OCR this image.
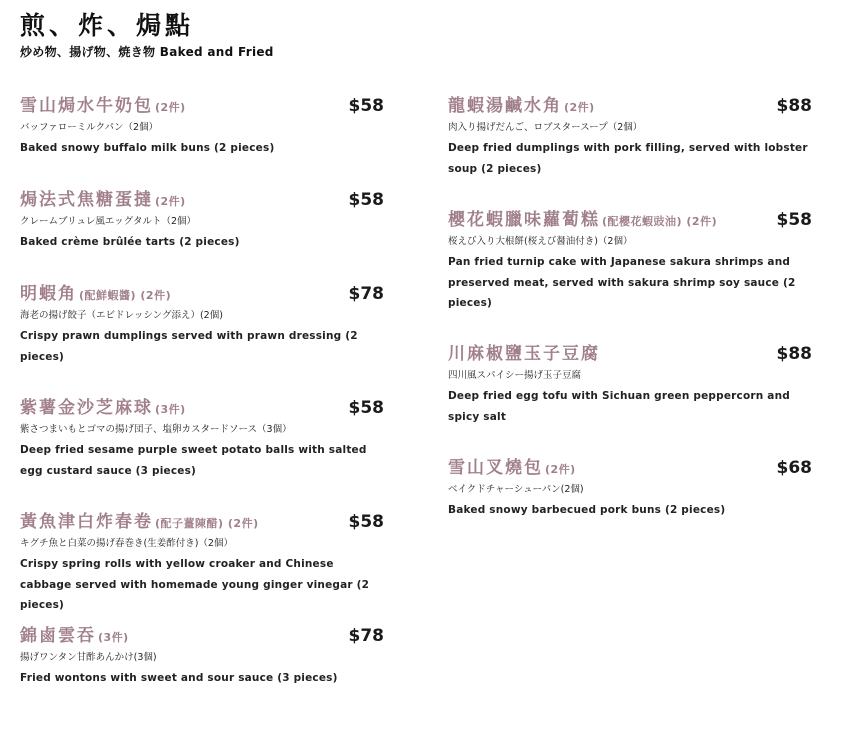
煎、炸、焗點
炒め物、揚げ物、焼き物 Baked and Fried
雪山焗水牛奶包 (2件)	$58
バッファローミルクパン（2個）
Baked snowy buffalo milk buns (2 pieces)
焗法式焦糖蛋撻 (2件)	$58
クレームブリュレ風エッグタルト（2個）
Baked crème brûlée tarts (2 pieces)
明蝦角 (配鮮蝦醬) (2件)	$78
海老の揚げ餃子（エビドレッシング添え）(2個)
Crispy prawn dumplings served with prawn dressing (2 pieces)
紫薯金沙芝麻球 (3件)	$58
紫さつまいもとゴマの揚げ団子、塩卵カスタードソース（3個）
Deep fried sesame purple sweet potato balls with salted egg custard sauce (3 pieces)
黃魚津白炸春卷 (配子薑陳醋) (2件)	$58
キグチ魚と白菜の揚げ春巻き(生姜酢付き)（2個）
Crispy spring rolls with yellow croaker and Chinese cabbage served with homemade young ginger vinegar (2 pieces)
錦鹵雲吞 (3件)	$78
揚げワンタン甘酢あんかけ(3個)
Fried wontons with sweet and sour sauce (3 pieces)
龍蝦湯鹹水角 (2件)	$88
肉入り揚げだんご、ロブスタースープ（2個）
Deep fried dumplings with pork filling, served with lobster soup (2 pieces)
櫻花蝦臘味蘿蔔糕 (配櫻花蝦豉油) (2件)	$58
桜えび入り大根餅(桜えび醤油付き)（2個）
Pan fried turnip cake with Japanese sakura shrimps and preserved meat, served with sakura shrimp soy sauce (2 pieces)
川麻椒鹽玉子豆腐	$88
四川風スパイシー揚げ玉子豆腐
Deep fried egg tofu with Sichuan green peppercorn and spicy salt
雪山叉燒包 (2件)	$68
ベイクドチャーシューパン(2個)
Baked snowy barbecued pork buns (2 pieces)
